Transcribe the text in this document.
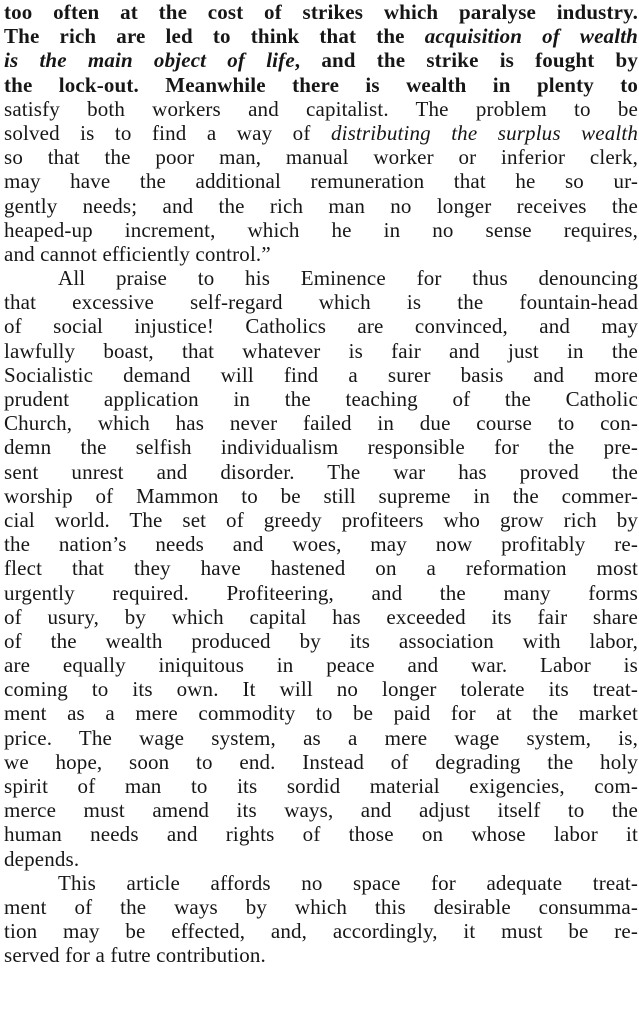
too often at the cost of strikes which paralyse industry.
The rich are led to think that the acquisition of wealth
is the main object of life, and the strike is fought by
the lock-out. Meanwhile there is wealth in plenty to
satisfy both workers and capitalist. The problem to be
solved is to find a way of distributing the surplus wealth
so that the poor man, manual worker or inferior clerk,
may have the additional remuneration that he so ur-
gently needs; and the rich man no longer receives the
heaped-up increment, which he in no sense requires,
and cannot efficiently control.”
All praise to his Eminence for thus denouncing
that excessive self-regard which is the fountain-head
of social injustice! Catholics are convinced, and may
lawfully boast, that whatever is fair and just in the
Socialistic demand will find a surer basis and more
prudent application in the teaching of the Catholic
Church, which has never failed in due course to con-
demn the selfish individualism responsible for the pre-
sent unrest and disorder. The war has proved the
worship of Mammon to be still supreme in the commer-
cial world. The set of greedy profiteers who grow rich by
the nation’s needs and woes, may now profitably re-
flect that they have hastened on a reformation most
urgently required. Profiteering, and the many forms
of usury, by which capital has exceeded its fair share
of the wealth produced by its association with labor,
are equally iniquitous in peace and war. Labor is
coming to its own. It will no longer tolerate its treat-
ment as a mere commodity to be paid for at the market
price. The wage system, as a mere wage system, is,
we hope, soon to end. Instead of degrading the holy
spirit of man to its sordid material exigencies, com-
merce must amend its ways, and adjust itself to the
human needs and rights of those on whose labor it
depends.
This article affords no space for adequate treat-
ment of the ways by which this desirable consumma-
tion may be effected, and, accordingly, it must be re-
served for a futre contribution.
